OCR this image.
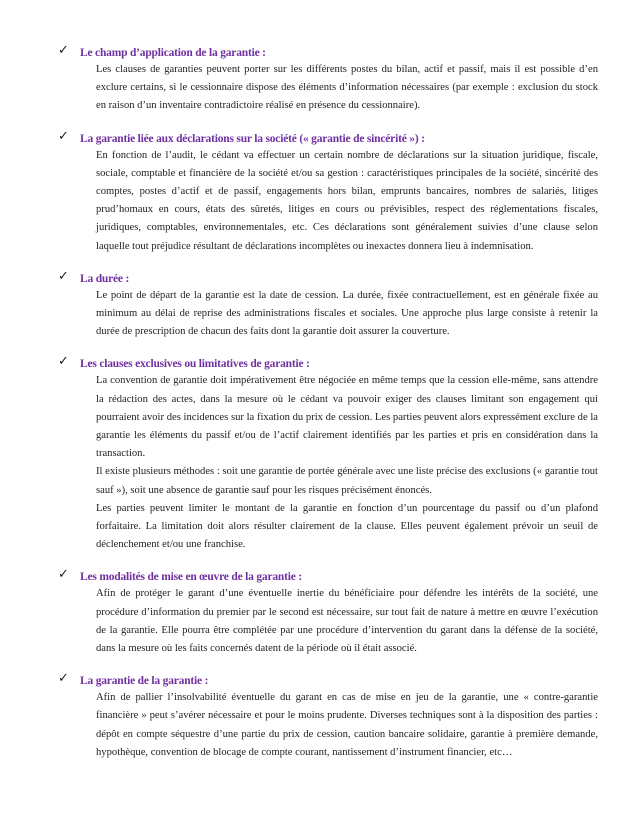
✓ Le champ d’application de la garantie :

Les clauses de garanties peuvent porter sur les différents postes du bilan, actif et passif, mais il est possible d’en exclure certains, si le cessionnaire dispose des éléments d’information nécessaires (par exemple : exclusion du stock en raison d’un inventaire contradictoire réalisé en présence du cessionnaire).

✓ La garantie liée aux déclarations sur la société (« garantie de sincérité ») :

En fonction de l’audit, le cédant va effectuer un certain nombre de déclarations sur la situation juridique, fiscale, sociale, comptable et financière de la société et/ou sa gestion : caractéristiques principales de la société, sincérité des comptes, postes d’actif et de passif, engagements hors bilan, emprunts bancaires, nombres de salariés, litiges prud’homaux en cours, états des sûretés, litiges en cours ou prévisibles, respect des réglementations fiscales, juridiques, comptables, environnementales, etc. Ces déclarations sont généralement suivies d’une clause selon laquelle tout préjudice résultant de déclarations incomplètes ou inexactes donnera lieu à indemnisation.

✓ La durée :

Le point de départ de la garantie est la date de cession. La durée, fixée contractuellement, est en générale fixée au minimum au délai de reprise des administrations fiscales et sociales. Une approche plus large consiste à retenir la durée de prescription de chacun des faits dont la garantie doit assurer la couverture.

✓ Les clauses exclusives ou limitatives de garantie :

La convention de garantie doit impérativement être négociée en même temps que la cession elle-même, sans attendre la rédaction des actes, dans la mesure où le cédant va pouvoir exiger des clauses limitant son engagement qui pourraient avoir des incidences sur la fixation du prix de cession. Les parties peuvent alors expressément exclure de la garantie les éléments du passif et/ou de l’actif clairement identifiés par les parties et pris en considération dans la transaction.

Il existe plusieurs méthodes : soit une garantie de portée générale avec une liste précise des exclusions (« garantie tout sauf »), soit une absence de garantie sauf pour les risques précisément énoncés.

Les parties peuvent limiter le montant de la garantie en fonction d’un pourcentage du passif ou d’un plafond forfaitaire. La limitation doit alors résulter clairement de la clause. Elles peuvent également prévoir un seuil de déclenchement et/ou une franchise.

✓ Les modalités de mise en œuvre de la garantie :

Afin de protéger le garant d’une éventuelle inertie du bénéficiaire pour défendre les intérêts de la société, une procédure d’information du premier par le second est nécessaire, sur tout fait de nature à mettre en œuvre l’exécution de la garantie. Elle pourra être complétée par une procédure d’intervention du garant dans la défense de la société, dans la mesure où les faits concernés datent de la période où il était associé.

✓ La garantie de la garantie :

Afin de pallier l’insolvabilité éventuelle du garant en cas de mise en jeu de la garantie, une « contre-garantie financière » peut s’avérer nécessaire et pour le moins prudente. Diverses techniques sont à la disposition des parties : dépôt en compte séquestre d’une partie du prix de cession, caution bancaire solidaire, garantie à première demande, hypothèque, convention de blocage de compte courant, nantissement d’instrument financier, etc…
